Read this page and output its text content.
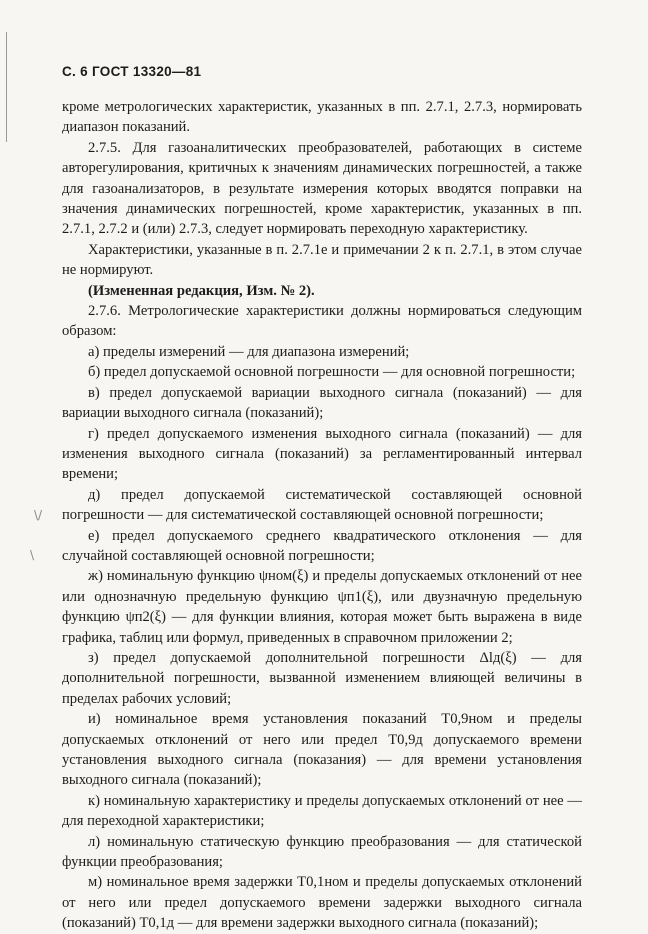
\/
\
С. 6 ГОСТ 13320—81

кроме метрологических характеристик, указанных в пп. 2.7.1, 2.7.3, нормировать диапазон показаний.

2.7.5. Для газоаналитических преобразователей, работающих в системе авторегулирования, критичных к значениям динамических погрешностей, а также для газоанализаторов, в результате измерения которых вводятся поправки на значения динамических погрешностей, кроме характеристик, указанных в пп. 2.7.1, 2.7.2 и (или) 2.7.3, следует нормировать переходную характеристику.

Характеристики, указанные в п. 2.7.1е и примечании 2 к п. 2.7.1, в этом случае не нормируют.

(Измененная редакция, Изм. № 2).

2.7.6. Метрологические характеристики должны нормироваться следующим образом:

а) пределы измерений — для диапазона измерений;

б) предел допускаемой основной погрешности — для основной погрешности;

в) предел допускаемой вариации выходного сигнала (показаний) — для вариации выходного сигнала (показаний);

г) предел допускаемого изменения выходного сигнала (показаний) — для изменения выходного сигнала (показаний) за регламентированный интервал времени;

д) предел допускаемой систематической составляющей основной погрешности — для систематической составляющей основной погрешности;

е) предел допускаемого среднего квадратического отклонения — для случайной составляющей основной погрешности;

ж) номинальную функцию ψном(ξ) и пределы допускаемых отклонений от нее или однозначную предельную функцию ψп1(ξ), или двузначную предельную функцию ψп2(ξ) — для функции влияния, которая может быть выражена в виде графика, таблиц или формул, приведенных в справочном приложении 2;

з) предел допускаемой дополнительной погрешности Δlд(ξ) — для дополнительной погрешности, вызванной изменением влияющей величины в пределах рабочих условий;

и) номинальное время установления показаний T0,9ном и пределы допускаемых отклонений от него или предел T0,9д допускаемого времени установления выходного сигнала (показания) — для времени установления выходного сигнала (показаний);

к) номинальную характеристику и пределы допускаемых отклонений от нее — для переходной характеристики;

л) номинальную статическую функцию преобразования — для статической функции преобразования;

м) номинальное время задержки T0,1ном и пределы допускаемых отклонений от него или предел допускаемого времени задержки выходного сигнала (показаний) T0,1д — для времени задержки выходного сигнала (показаний);
